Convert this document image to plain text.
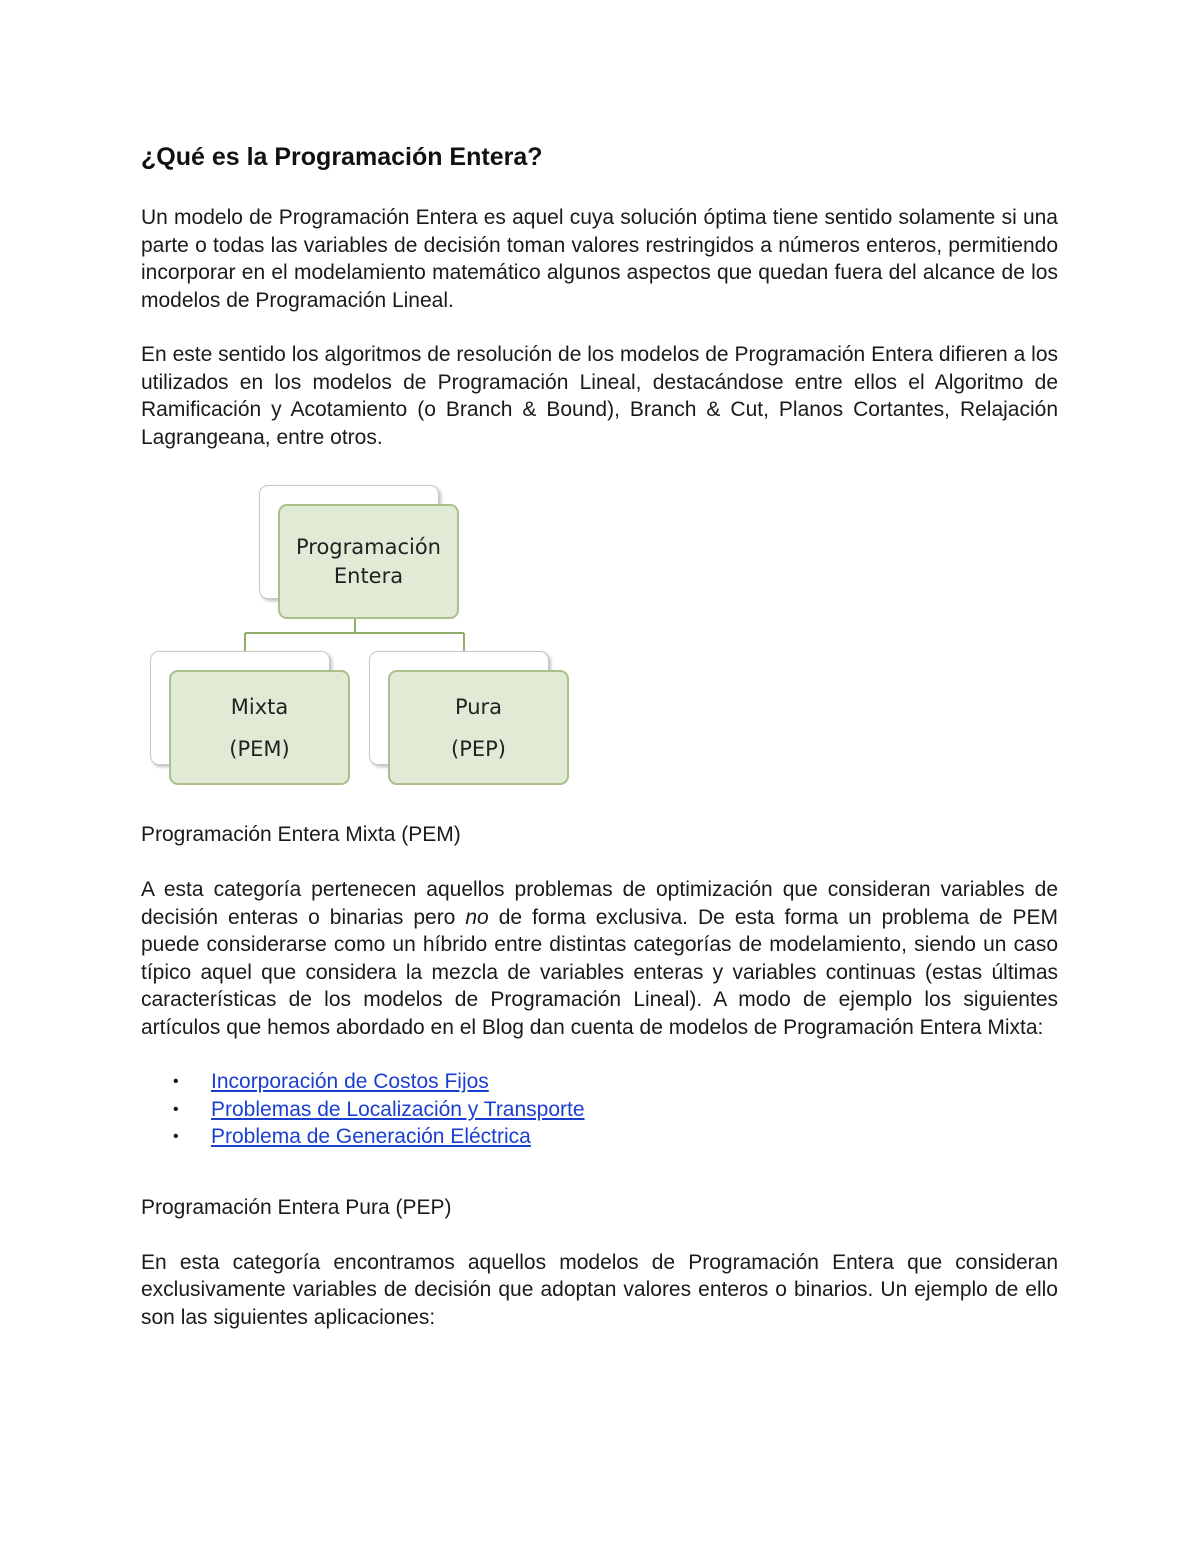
¿Qué es la Programación Entera?

Un modelo de Programación Entera es aquel cuya solución óptima tiene sentido solamente si una parte o todas las variables de decisión toman valores restringidos a números enteros, permitiendo incorporar en el modelamiento matemático algunos aspectos que quedan fuera del alcance de los modelos de Programación Lineal.

En este sentido los algoritmos de resolución de los modelos de Programación Entera difieren a los utilizados en los modelos de Programación Lineal, destacándose entre ellos el Algoritmo de Ramificación y Acotamiento (o Branch & Bound), Branch & Cut, Planos Cortantes, Relajación Lagrangeana, entre otros.

Programación
Entera
Mixta
(PEM)
Pura
(PEP)
Programación Entera Mixta (PEM)

A esta categoría pertenecen aquellos problemas de optimización que consideran variables de decisión enteras o binarias pero no de forma exclusiva. De esta forma un problema de PEM puede considerarse como un híbrido entre distintas categorías de modelamiento, siendo un caso típico aquel que considera la mezcla de variables enteras y variables continuas (estas últimas características de los modelos de Programación Lineal). A modo de ejemplo los siguientes artículos que hemos abordado en el Blog dan cuenta de modelos de Programación Entera Mixta:

• Incorporación de Costos Fijos
• Problemas de Localización y Transporte
• Problema de Generación Eléctrica
Programación Entera Pura (PEP)

En esta categoría encontramos aquellos modelos de Programación Entera que consideran exclusivamente variables de decisión que adoptan valores enteros o binarios. Un ejemplo de ello son las siguientes aplicaciones:
